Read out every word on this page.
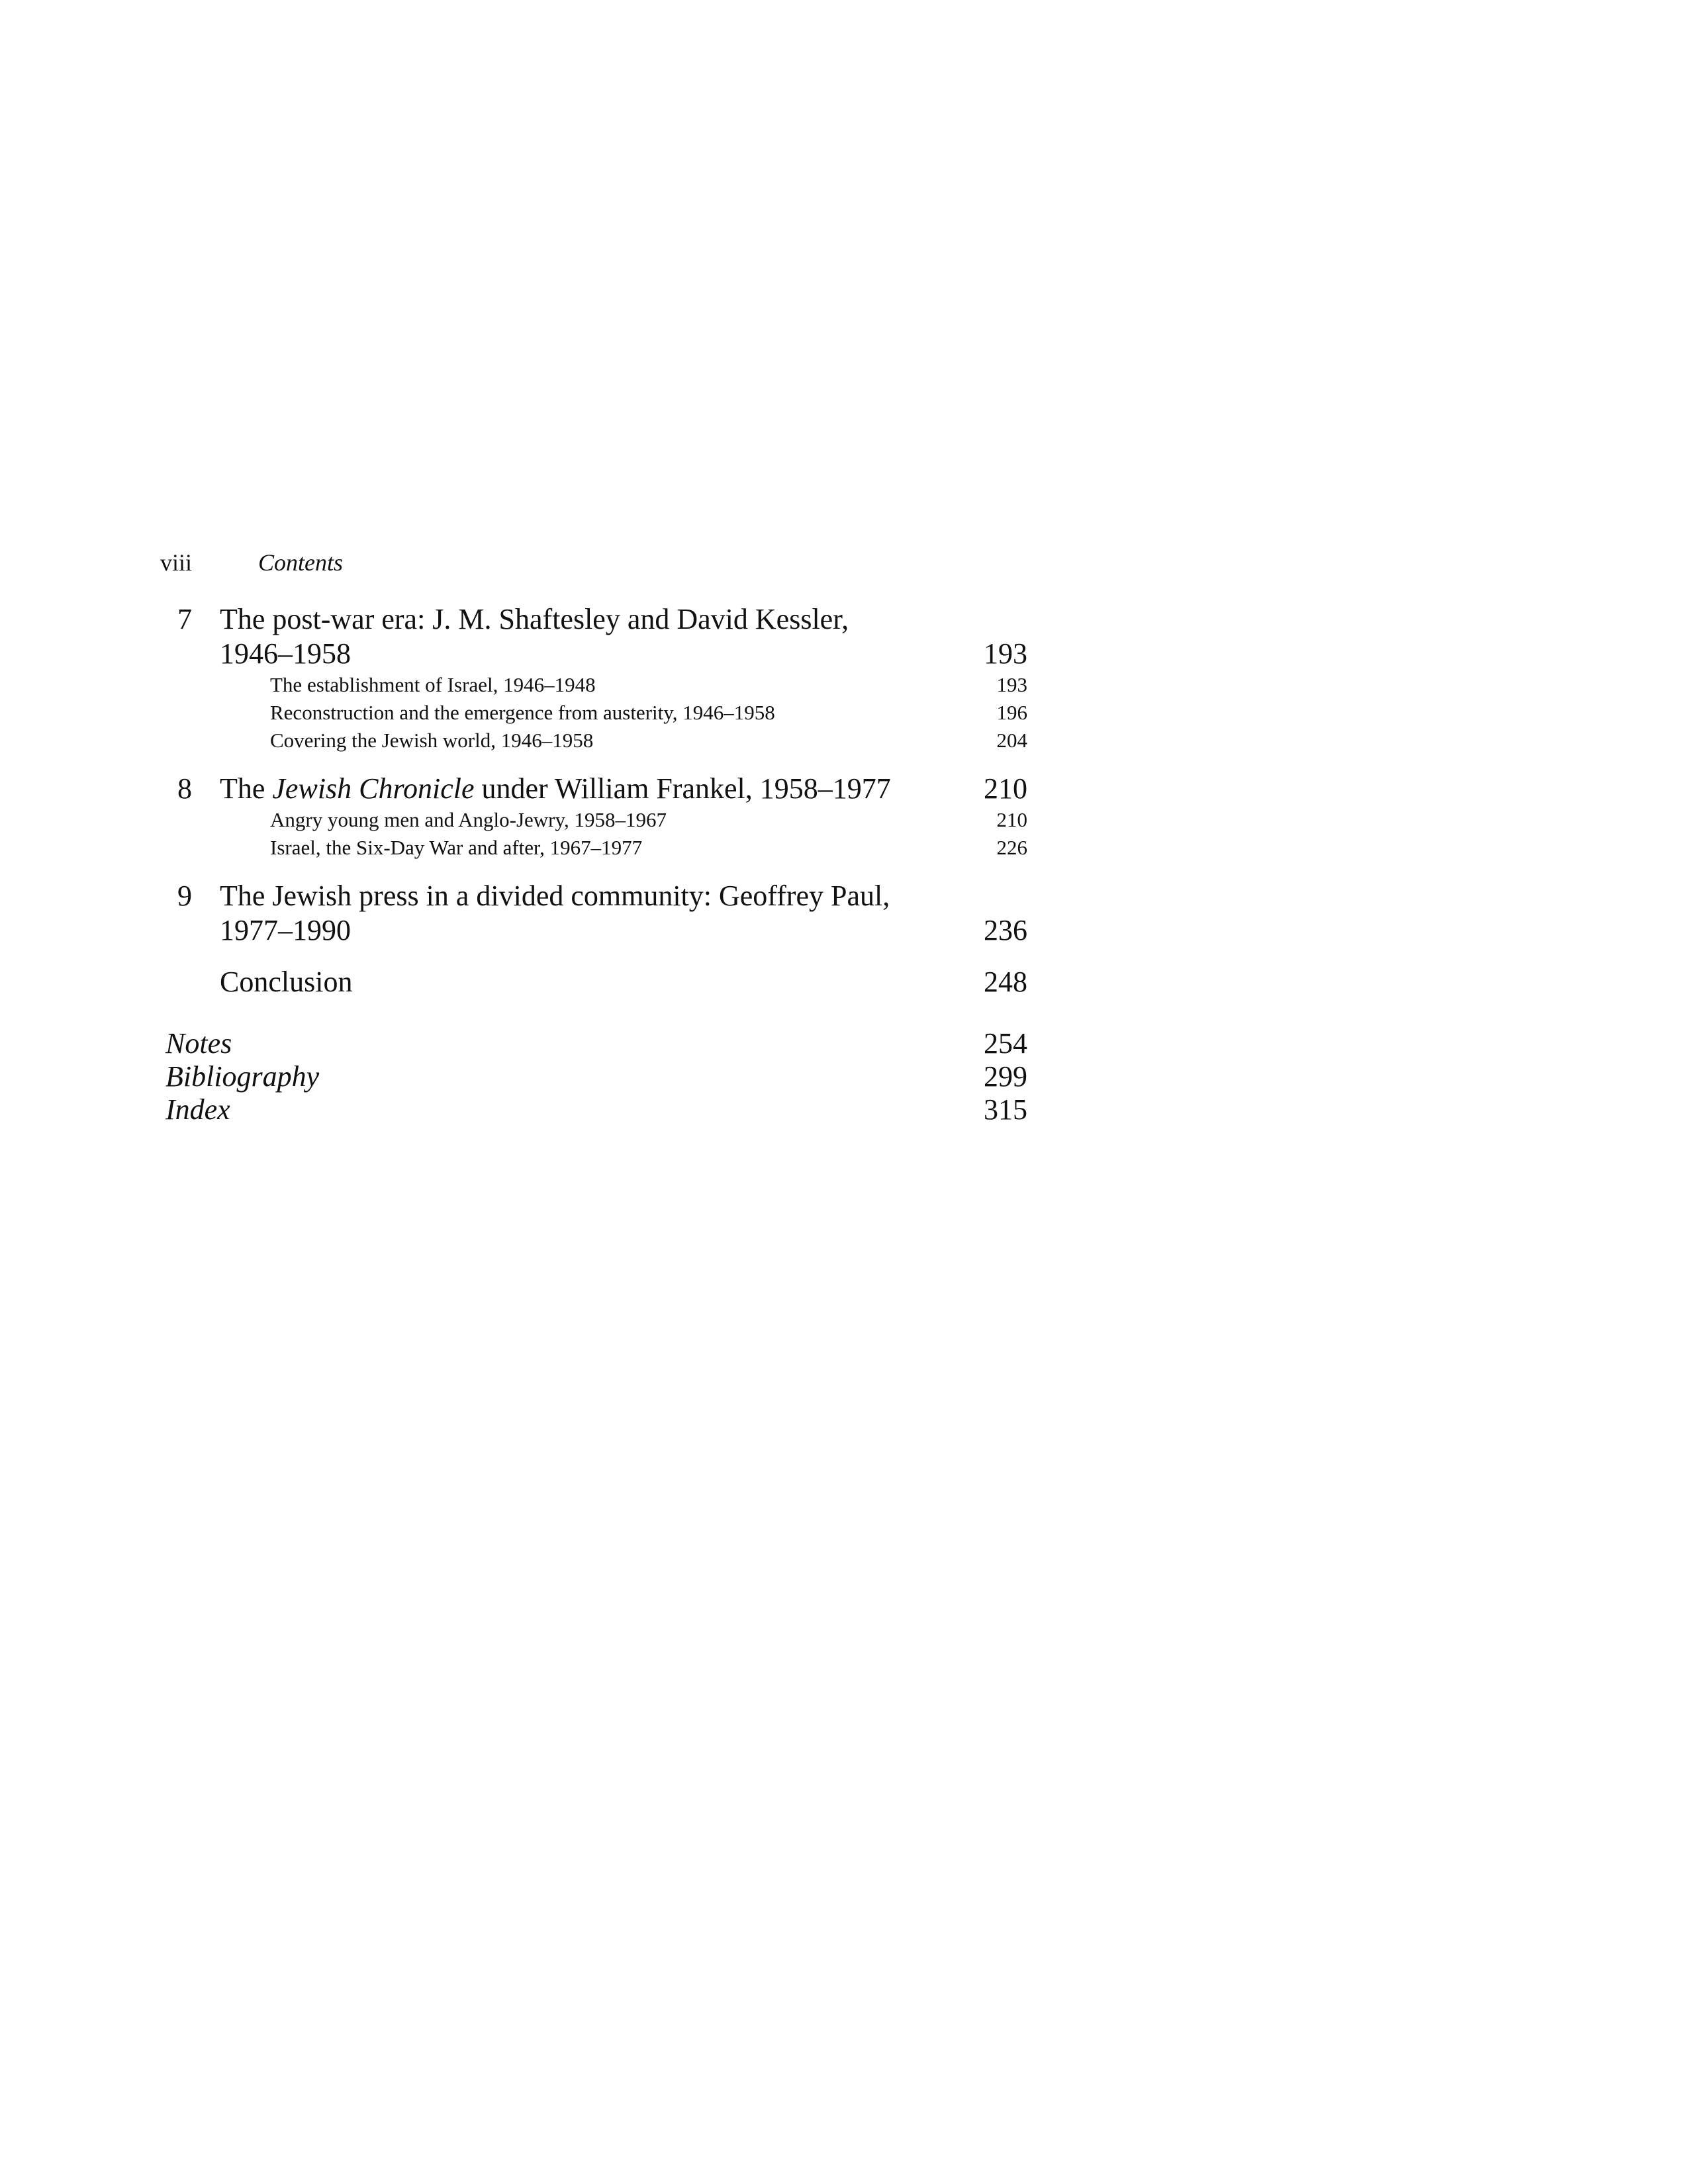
viii	Contents
7 The post-war era: J. M. Shaftesley and David Kessler,
1946–1958	193
The establishment of Israel, 1946–1948	193
Reconstruction and the emergence from austerity, 1946–1958	196
Covering the Jewish world, 1946–1958	204
8 The Jewish Chronicle under William Frankel, 1958–1977	210
Angry young men and Anglo-Jewry, 1958–1967	210
Israel, the Six-Day War and after, 1967–1977	226
9 The Jewish press in a divided community: Geoffrey Paul,
1977–1990	236
Conclusion	248
Notes	254
Bibliography	299
Index	315
